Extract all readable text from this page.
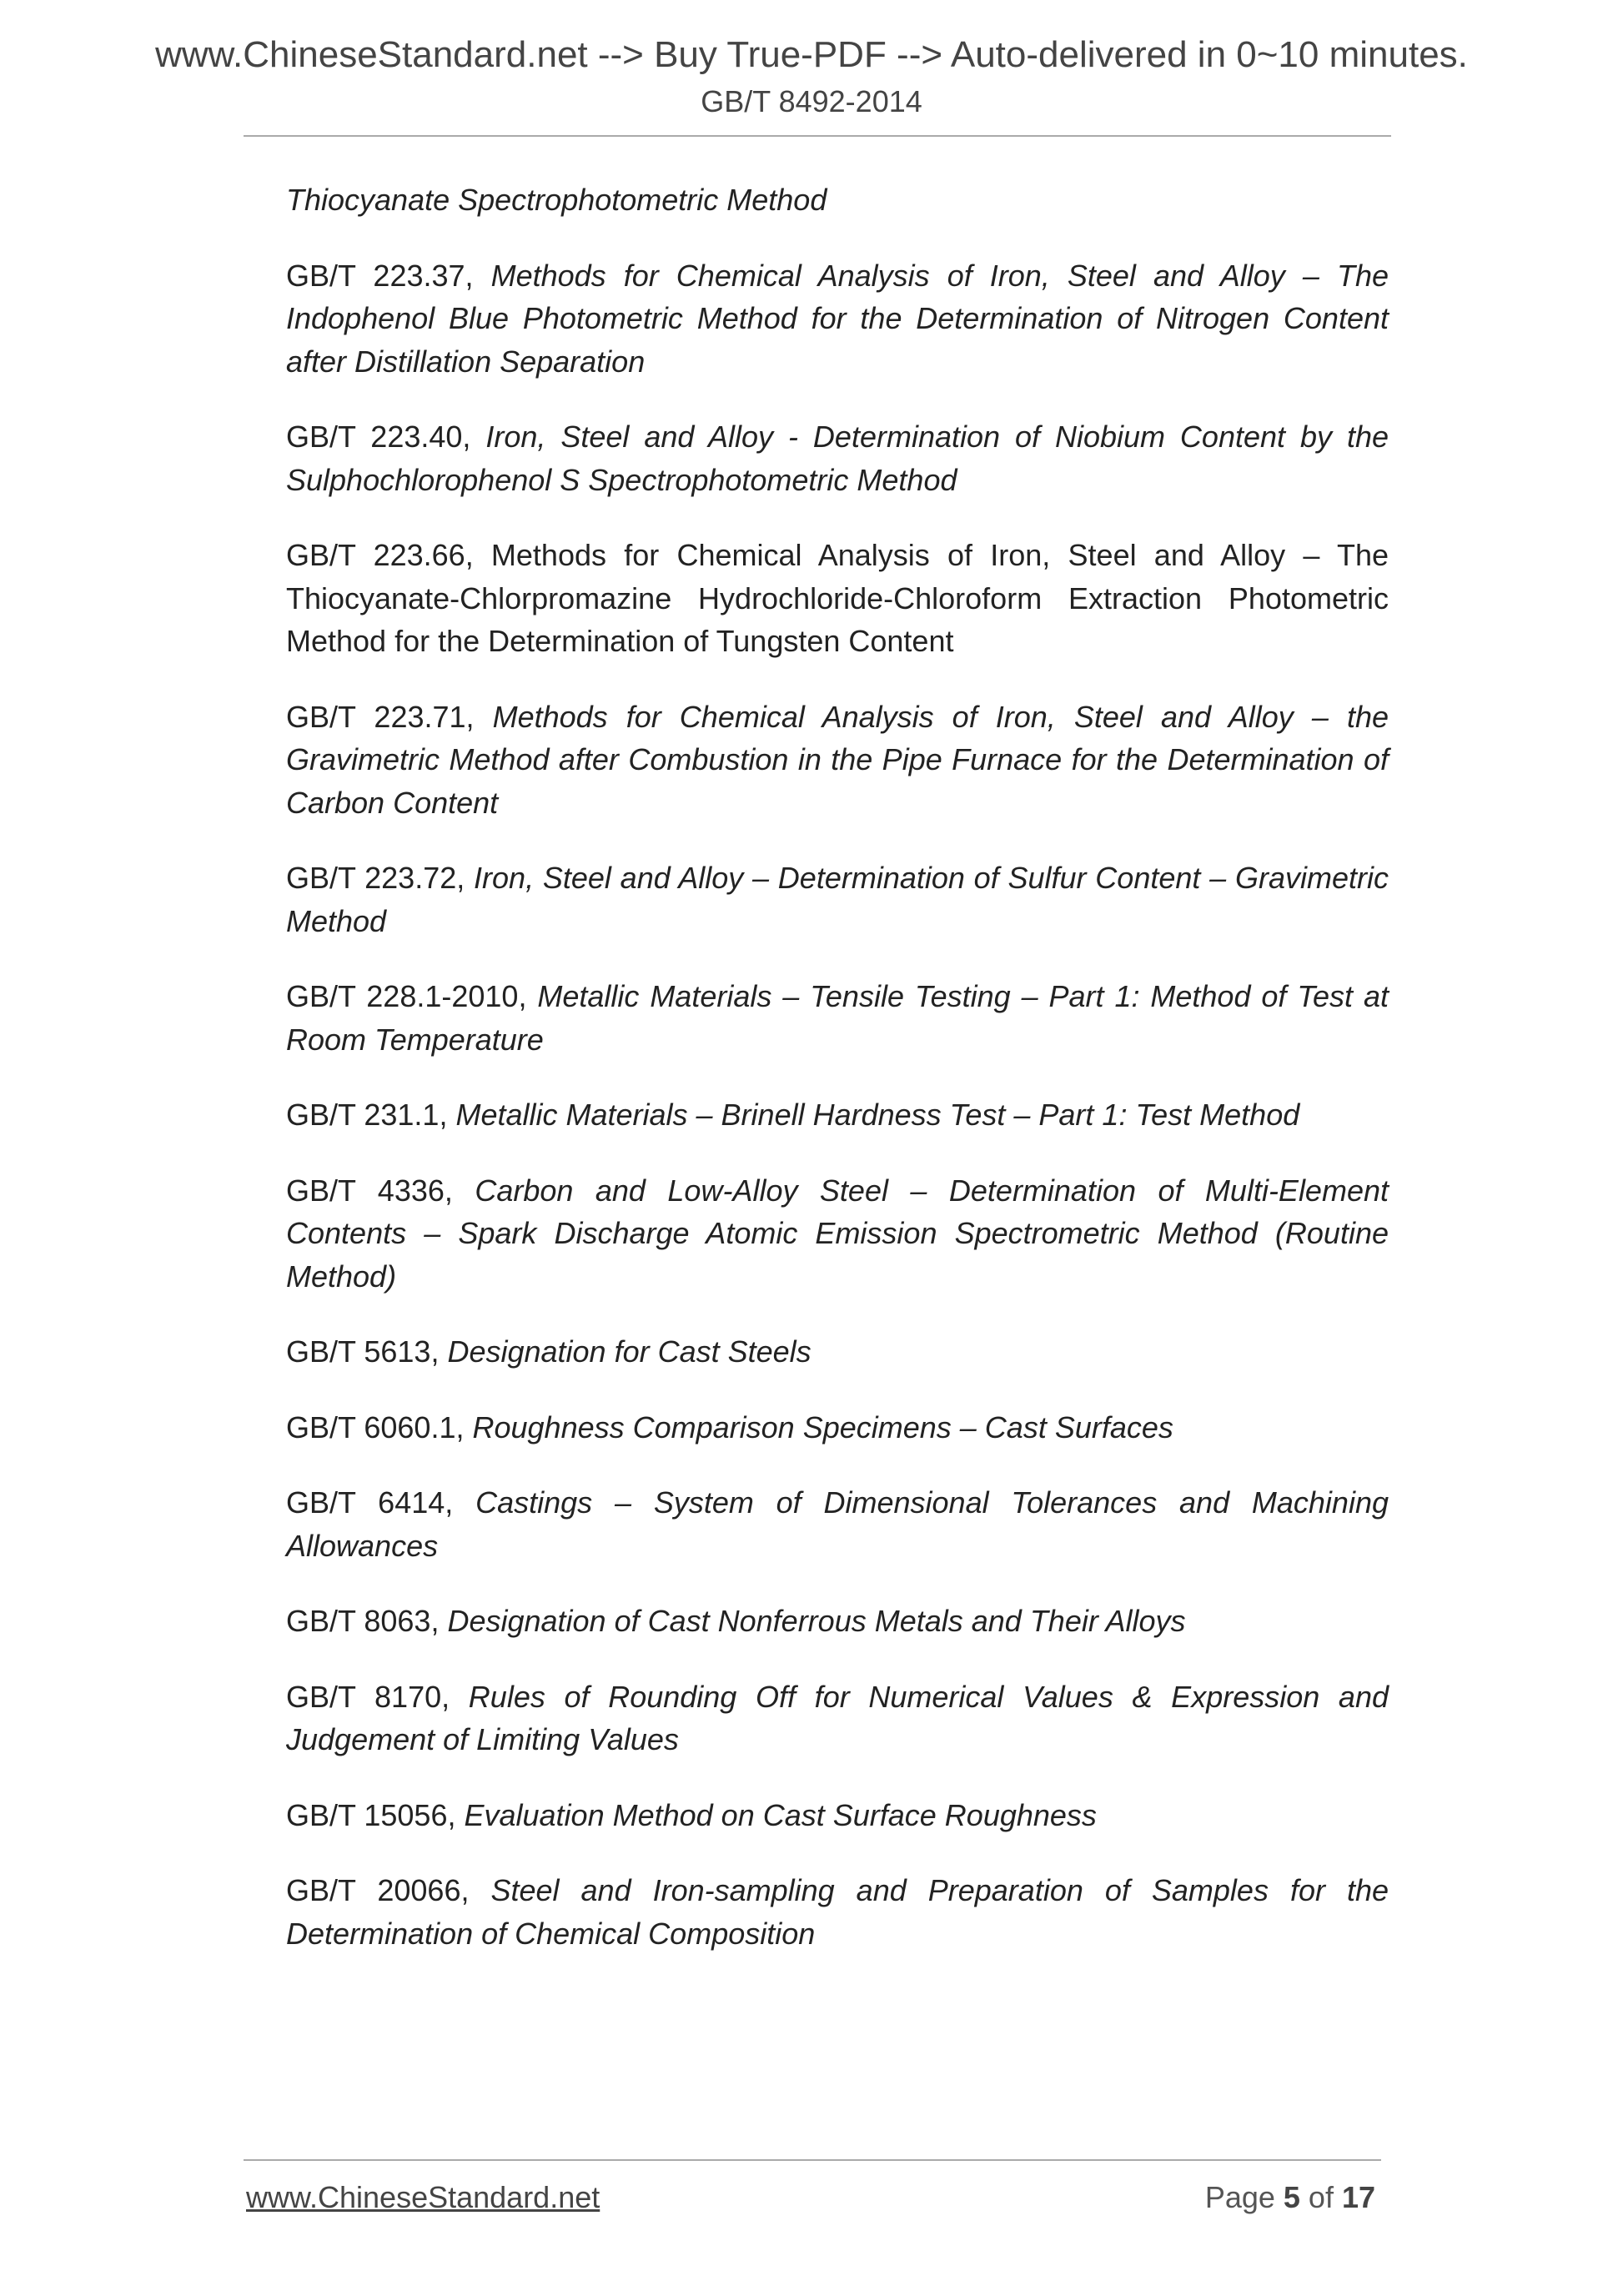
www.ChineseStandard.net --> Buy True-PDF --> Auto-delivered in 0~10 minutes.
GB/T 8492-2014

Thiocyanate Spectrophotometric Method

GB/T 223.37, Methods for Chemical Analysis of Iron, Steel and Alloy – The Indophenol Blue Photometric Method for the Determination of Nitrogen Content after Distillation Separation

GB/T 223.40, Iron, Steel and Alloy - Determination of Niobium Content by the Sulphochlorophenol S Spectrophotometric Method

GB/T 223.66, Methods for Chemical Analysis of Iron, Steel and Alloy – The Thiocyanate-Chlorpromazine Hydrochloride-Chloroform Extraction Photometric Method for the Determination of Tungsten Content

GB/T 223.71, Methods for Chemical Analysis of Iron, Steel and Alloy – the Gravimetric Method after Combustion in the Pipe Furnace for the Determination of Carbon Content

GB/T 223.72, Iron, Steel and Alloy – Determination of Sulfur Content – Gravimetric Method

GB/T 228.1-2010, Metallic Materials – Tensile Testing – Part 1: Method of Test at Room Temperature

GB/T 231.1, Metallic Materials – Brinell Hardness Test – Part 1: Test Method

GB/T 4336, Carbon and Low-Alloy Steel – Determination of Multi-Element Contents – Spark Discharge Atomic Emission Spectrometric Method (Routine Method)

GB/T 5613, Designation for Cast Steels

GB/T 6060.1, Roughness Comparison Specimens – Cast Surfaces

GB/T 6414, Castings – System of Dimensional Tolerances and Machining Allowances

GB/T 8063, Designation of Cast Nonferrous Metals and Their Alloys

GB/T 8170, Rules of Rounding Off for Numerical Values & Expression and Judgement of Limiting Values

GB/T 15056, Evaluation Method on Cast Surface Roughness

GB/T 20066, Steel and Iron-sampling and Preparation of Samples for the Determination of Chemical Composition

www.ChineseStandard.net	Page 5 of 17
